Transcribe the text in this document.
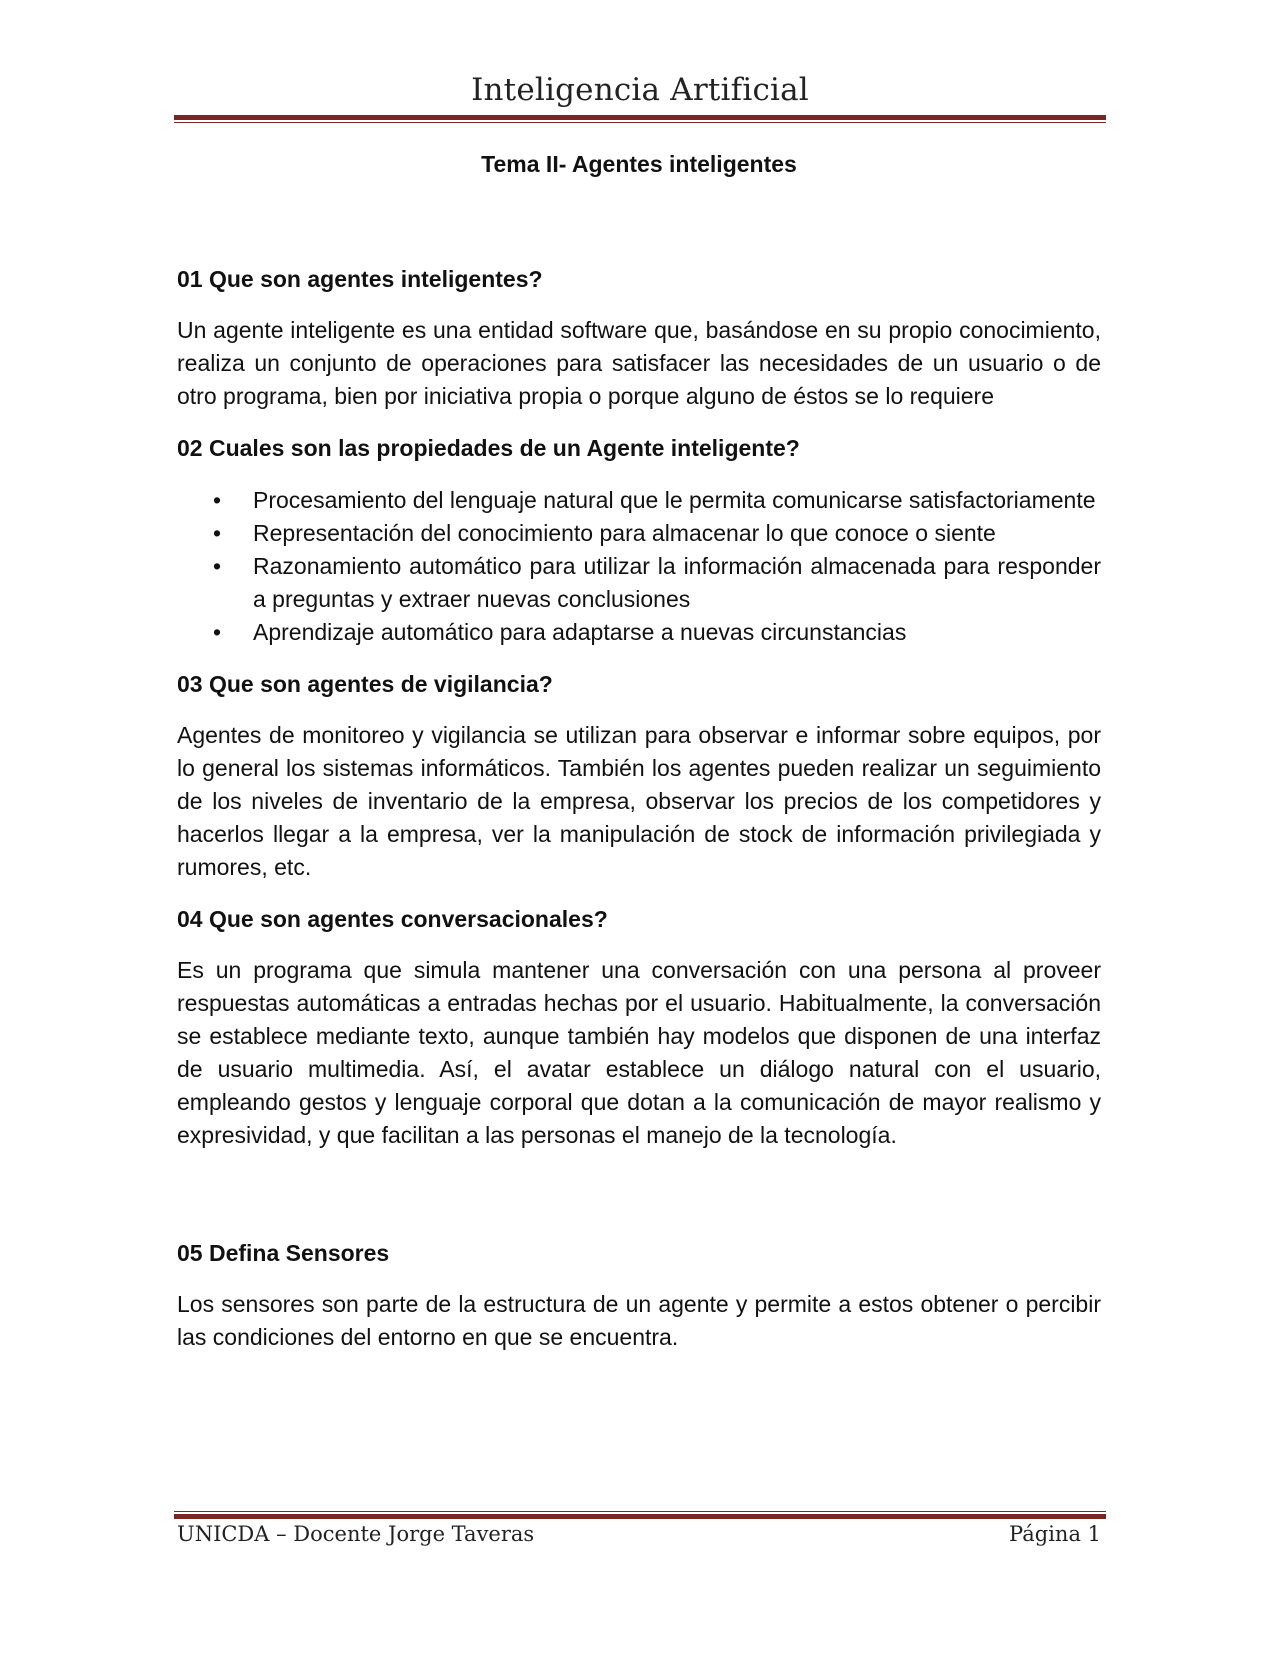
Inteligencia Artificial
Tema II- Agentes inteligentes
01 Que son agentes inteligentes?

Un agente inteligente es una entidad software que, basándose en su propio conocimiento, realiza un conjunto de operaciones para satisfacer las necesidades de un usuario o de otro programa, bien por iniciativa propia o porque alguno de éstos se lo requiere

02 Cuales son las propiedades de un Agente inteligente?
• Procesamiento del lenguaje natural que le permita comunicarse satisfactoriamente
• Representación del conocimiento para almacenar lo que conoce o siente
• Razonamiento automático para utilizar la información almacenada para responder a preguntas y extraer nuevas conclusiones
• Aprendizaje automático para adaptarse a nuevas circunstancias
03 Que son agentes de vigilancia?

Agentes de monitoreo y vigilancia se utilizan para observar e informar sobre equipos, por lo general los sistemas informáticos. También los agentes pueden realizar un seguimiento de los niveles de inventario de la empresa, observar los precios de los competidores y hacerlos llegar a la empresa, ver la manipulación de stock de información privilegiada y rumores, etc.

04 Que son agentes conversacionales?

Es un programa que simula mantener una conversación con una persona al proveer respuestas automáticas a entradas hechas por el usuario. Habitualmente, la conversación se establece mediante texto, aunque también hay modelos que disponen de una interfaz de usuario multimedia. Así, el avatar establece un diálogo natural con el usuario, empleando gestos y lenguaje corporal que dotan a la comunicación de mayor realismo y expresividad, y que facilitan a las personas el manejo de la tecnología.

05 Defina Sensores

Los sensores son parte de la estructura de un agente y permite a estos obtener o percibir las condiciones del entorno en que se encuentra.

UNICDA – Docente Jorge Taveras	Página 1
